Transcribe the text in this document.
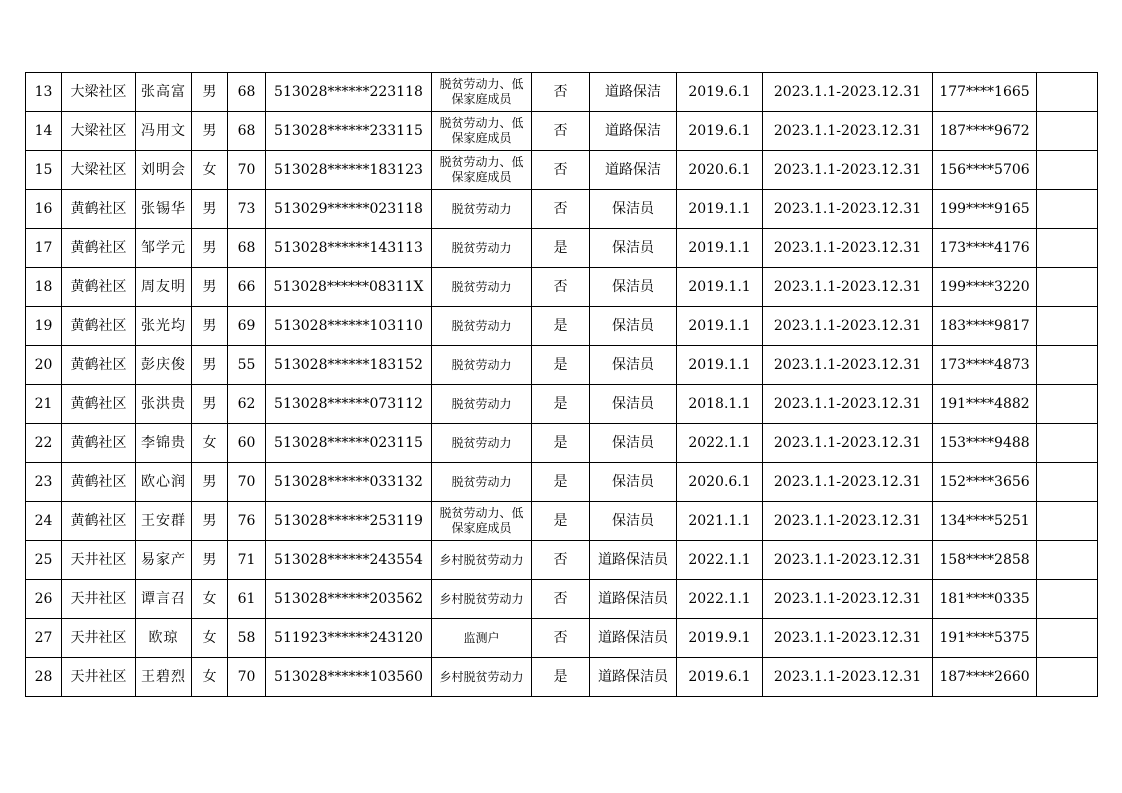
13	大梁社区	张高富	男	68	513028******223118	脱贫劳动力、低保家庭成员	否	道路保洁	2019.6.1	2023.1.1-2023.12.31	177****1665	
14	大梁社区	冯用文	男	68	513028******233115	脱贫劳动力、低保家庭成员	否	道路保洁	2019.6.1	2023.1.1-2023.12.31	187****9672	
15	大梁社区	刘明会	女	70	513028******183123	脱贫劳动力、低保家庭成员	否	道路保洁	2020.6.1	2023.1.1-2023.12.31	156****5706	
16	黄鹤社区	张锡华	男	73	513029******023118	脱贫劳动力	否	保洁员	2019.1.1	2023.1.1-2023.12.31	199****9165	
17	黄鹤社区	邹学元	男	68	513028******143113	脱贫劳动力	是	保洁员	2019.1.1	2023.1.1-2023.12.31	173****4176	
18	黄鹤社区	周友明	男	66	513028******08311X	脱贫劳动力	否	保洁员	2019.1.1	2023.1.1-2023.12.31	199****3220	
19	黄鹤社区	张光均	男	69	513028******103110	脱贫劳动力	是	保洁员	2019.1.1	2023.1.1-2023.12.31	183****9817	
20	黄鹤社区	彭庆俊	男	55	513028******183152	脱贫劳动力	是	保洁员	2019.1.1	2023.1.1-2023.12.31	173****4873	
21	黄鹤社区	张洪贵	男	62	513028******073112	脱贫劳动力	是	保洁员	2018.1.1	2023.1.1-2023.12.31	191****4882	
22	黄鹤社区	李锦贵	女	60	513028******023115	脱贫劳动力	是	保洁员	2022.1.1	2023.1.1-2023.12.31	153****9488	
23	黄鹤社区	欧心润	男	70	513028******033132	脱贫劳动力	是	保洁员	2020.6.1	2023.1.1-2023.12.31	152****3656	
24	黄鹤社区	王安群	男	76	513028******253119	脱贫劳动力、低保家庭成员	是	保洁员	2021.1.1	2023.1.1-2023.12.31	134****5251	
25	天井社区	易家产	男	71	513028******243554	乡村脱贫劳动力	否	道路保洁员	2022.1.1	2023.1.1-2023.12.31	158****2858	
26	天井社区	谭言召	女	61	513028******203562	乡村脱贫劳动力	否	道路保洁员	2022.1.1	2023.1.1-2023.12.31	181****0335	
27	天井社区	欧琼	女	58	511923******243120	监测户	否	道路保洁员	2019.9.1	2023.1.1-2023.12.31	191****5375	
28	天井社区	王碧烈	女	70	513028******103560	乡村脱贫劳动力	是	道路保洁员	2019.6.1	2023.1.1-2023.12.31	187****2660	
